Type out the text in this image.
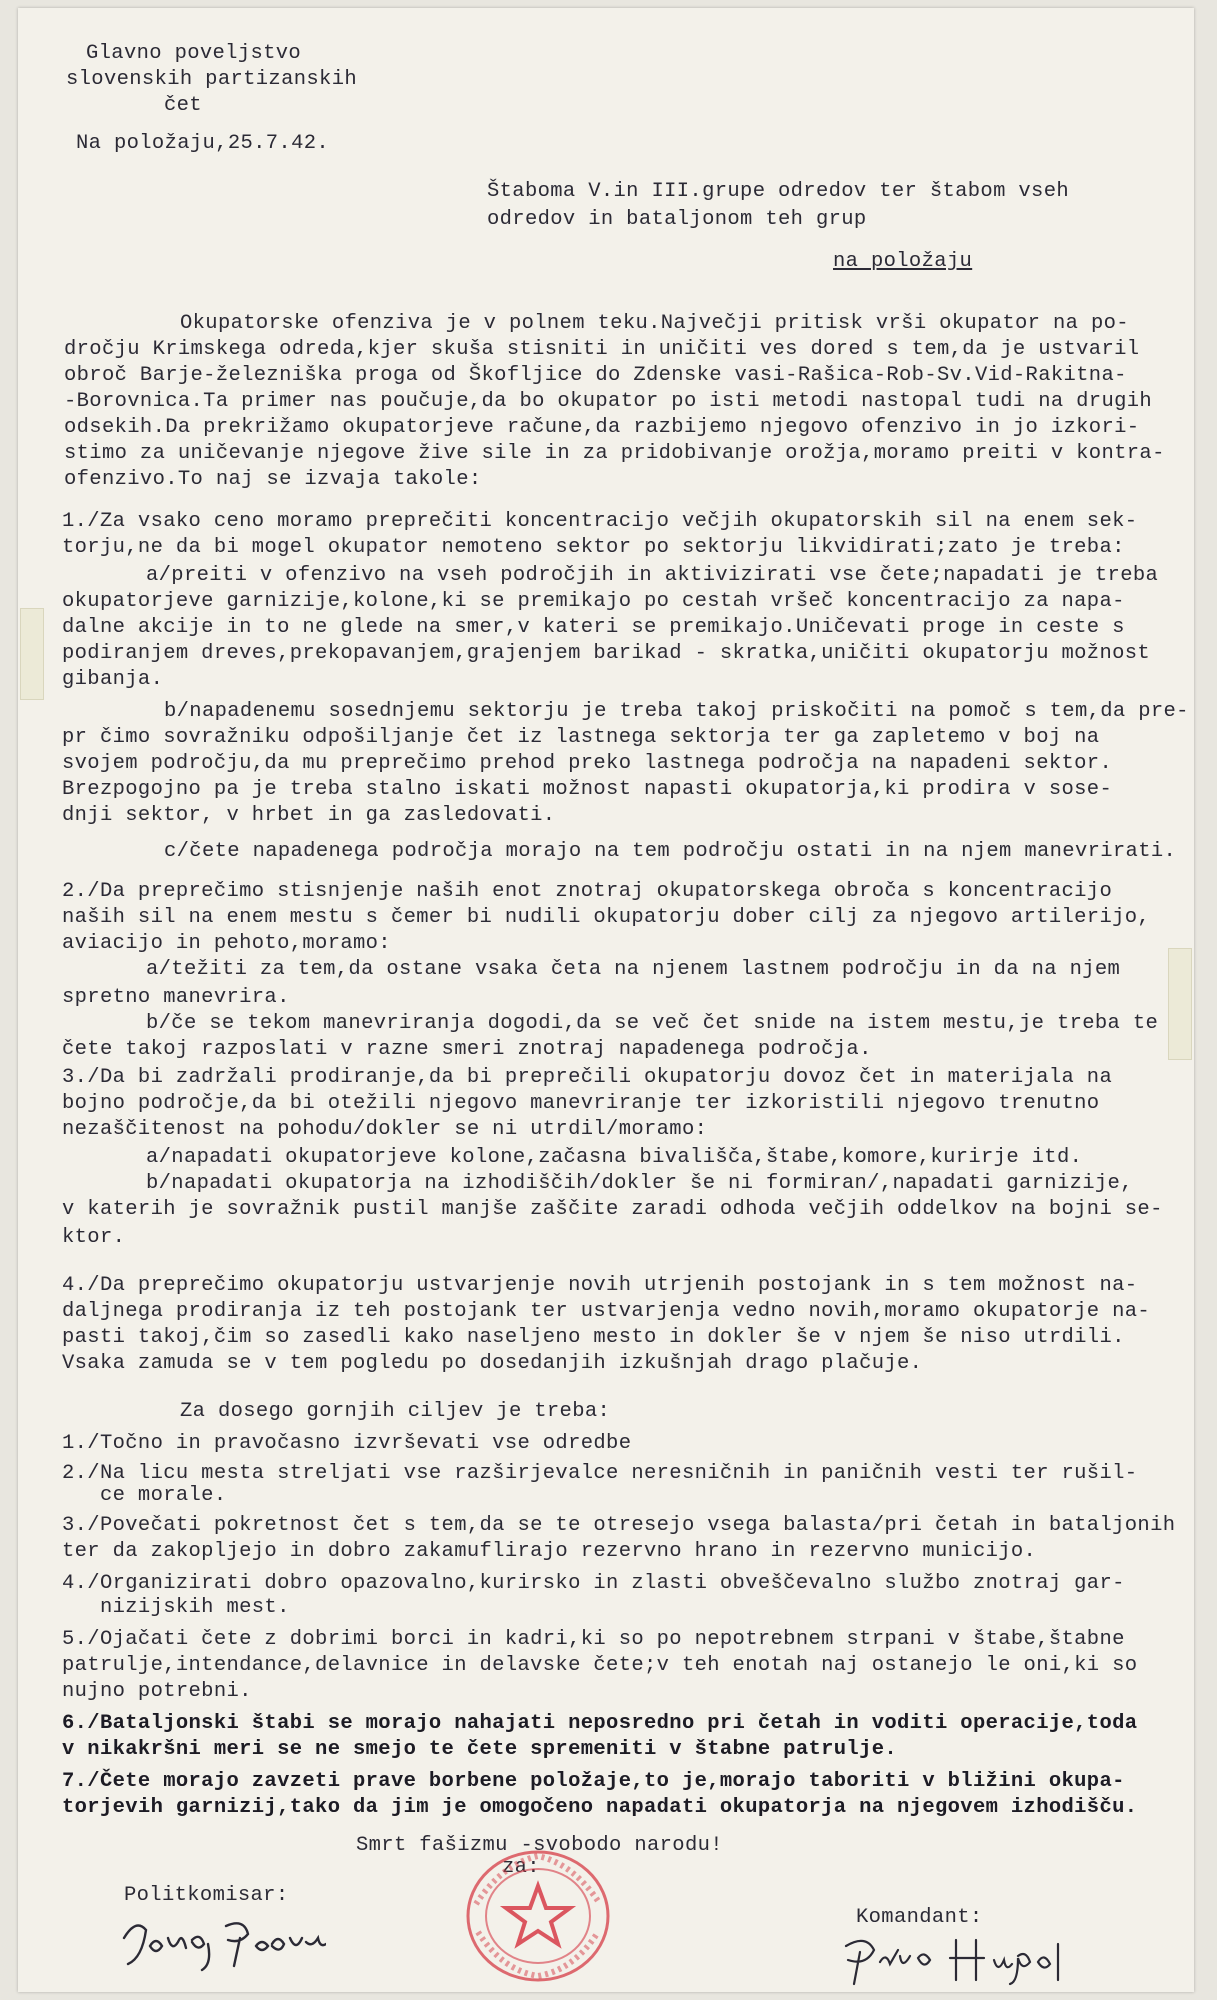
Glavno poveljstvo
slovenskih partizanskih
čet
Na položaju,25.7.42.
Štaboma V.in III.grupe odredov ter štabom vseh
odredov in bataljonom teh grup
na položaju
Okupatorske ofenziva je v polnem teku.Največji pritisk vrši okupator na po-
dročju Krimskega odreda,kjer skuša stisniti in uničiti ves dored s tem,da je ustvaril
obroč Barje-železniška proga od Škofljice do Zdenske vasi-Rašica-Rob-Sv.Vid-Rakitna-
-Borovnica.Ta primer nas poučuje,da bo okupator po isti metodi nastopal tudi na drugih
odsekih.Da prekrižamo okupatorjeve račune,da razbijemo njegovo ofenzivo in jo izkori-
stimo za uničevanje njegove žive sile in za pridobivanje orožja,moramo preiti v kontra-
ofenzivo.To naj se izvaja takole:
1./Za vsako ceno moramo preprečiti koncentracijo večjih okupatorskih sil na enem sek-
torju,ne da bi mogel okupator nemoteno sektor po sektorju likvidirati;zato je treba:
a/preiti v ofenzivo na vseh področjih in aktivizirati vse čete;napadati je treba
okupatorjeve garnizije,kolone,ki se premikajo po cestah vršeč koncentracijo za napa-
dalne akcije in to ne glede na smer,v kateri se premikajo.Uničevati proge in ceste s
podiranjem dreves,prekopavanjem,grajenjem barikad - skratka,uničiti okupatorju možnost
gibanja.
b/napadenemu sosednjemu sektorju je treba takoj priskočiti na pomoč s tem,da pre-
pr čimo sovražniku odpošiljanje čet iz lastnega sektorja ter ga zapletemo v boj na
svojem področju,da mu preprečimo prehod preko lastnega področja na napadeni sektor.
Brezpogojno pa je treba stalno iskati možnost napasti okupatorja,ki prodira v sose-
dnji sektor, v hrbet in ga zasledovati.
c/čete napadenega področja morajo na tem področju ostati in na njem manevrirati.
2./Da preprečimo stisnjenje naših enot znotraj okupatorskega obroča s koncentracijo
naših sil na enem mestu s čemer bi nudili okupatorju dober cilj za njegovo artilerijo,
aviacijo in pehoto,moramo:
a/težiti za tem,da ostane vsaka četa na njenem lastnem področju in da na njem
spretno manevrira.
b/če se tekom manevriranja dogodi,da se več čet snide na istem mestu,je treba te
čete takoj razposlati v razne smeri znotraj napadenega področja.
3./Da bi zadržali prodiranje,da bi preprečili okupatorju dovoz čet in materijala na
bojno področje,da bi otežili njegovo manevriranje ter izkoristili njegovo trenutno
nezaščitenost na pohodu/dokler se ni utrdil/moramo:
a/napadati okupatorjeve kolone,začasna bivališča,štabe,komore,kurirje itd.
b/napadati okupatorja na izhodiščih/dokler še ni formiran/,napadati garnizije,
v katerih je sovražnik pustil manjše zaščite zaradi odhoda večjih oddelkov na bojni se-
ktor.
4./Da preprečimo okupatorju ustvarjenje novih utrjenih postojank in s tem možnost na-
daljnega prodiranja iz teh postojank ter ustvarjenja vedno novih,moramo okupatorje na-
pasti takoj,čim so zasedli kako naseljeno mesto in dokler še v njem še niso utrdili.
Vsaka zamuda se v tem pogledu po dosedanjih izkušnjah drago plačuje.
Za dosego gornjih ciljev je treba:
1./Točno in pravočasno izvrševati vse odredbe
2./Na licu mesta streljati vse razširjevalce neresničnih in paničnih vesti ter rušil-
ce morale.
3./Povečati pokretnost čet s tem,da se te otresejo vsega balasta/pri četah in bataljonih
ter da zakopljejo in dobro zakamuflirajo rezervno hrano in rezervno municijo.
4./Organizirati dobro opazovalno,kurirsko in zlasti obveščevalno službo znotraj gar-
nizijskih mest.
5./Ojačati čete z dobrimi borci in kadri,ki so po nepotrebnem strpani v štabe,štabne
patrulje,intendance,delavnice in delavske čete;v teh enotah naj ostanejo le oni,ki so
nujno potrebni.
6./Bataljonski štabi se morajo nahajati neposredno pri četah in voditi operacije,toda
v nikakršni meri se ne smejo te čete spremeniti v štabne patrulje.
7./Čete morajo zavzeti prave borbene položaje,to je,morajo taboriti v bližini okupa-
torjevih garnizij,tako da jim je omogočeno napadati okupatorja na njegovem izhodišču.
Smrt fašizmu -svobodo narodu!
za:
Politkomisar:
Komandant:
